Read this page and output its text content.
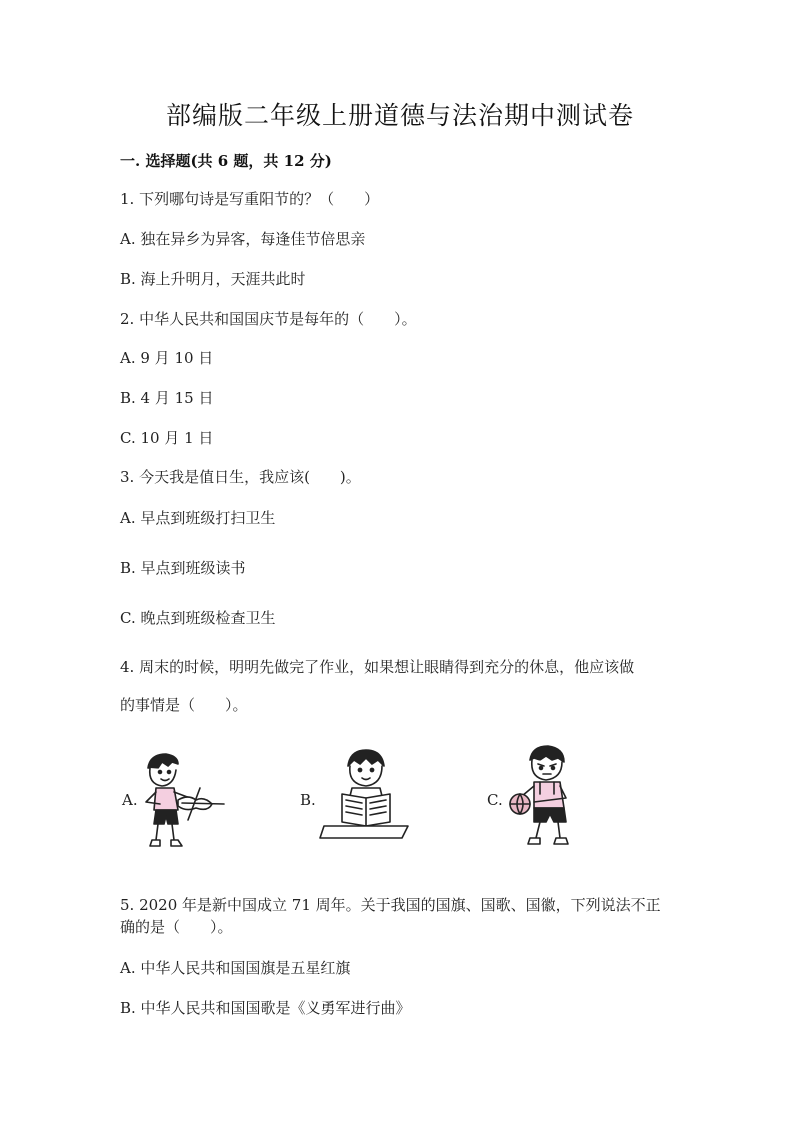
部编版二年级上册道德与法治期中测试卷
一. 选择题(共 6 题，共 12 分)
1. 下列哪句诗是写重阳节的？（　　）
A. 独在异乡为异客，每逢佳节倍思亲
B. 海上升明月，天涯共此时
2. 中华人民共和国国庆节是每年的（　　）。
A. 9 月 10 日
B. 4 月 15 日
C. 10 月 1 日
3. 今天我是值日生，我应该(　　)。
A. 早点到班级打扫卫生
B. 早点到班级读书
C. 晚点到班级检查卫生
4. 周末的时候，明明先做完了作业，如果想让眼睛得到充分的休息，他应该做
的事情是（　　）。
A.	B.	C.
5. 2020 年是新中国成立 71 周年。关于我国的国旗、国歌、国徽，下列说法不正确的是（　　）。
A. 中华人民共和国国旗是五星红旗
B. 中华人民共和国国歌是《义勇军进行曲》
